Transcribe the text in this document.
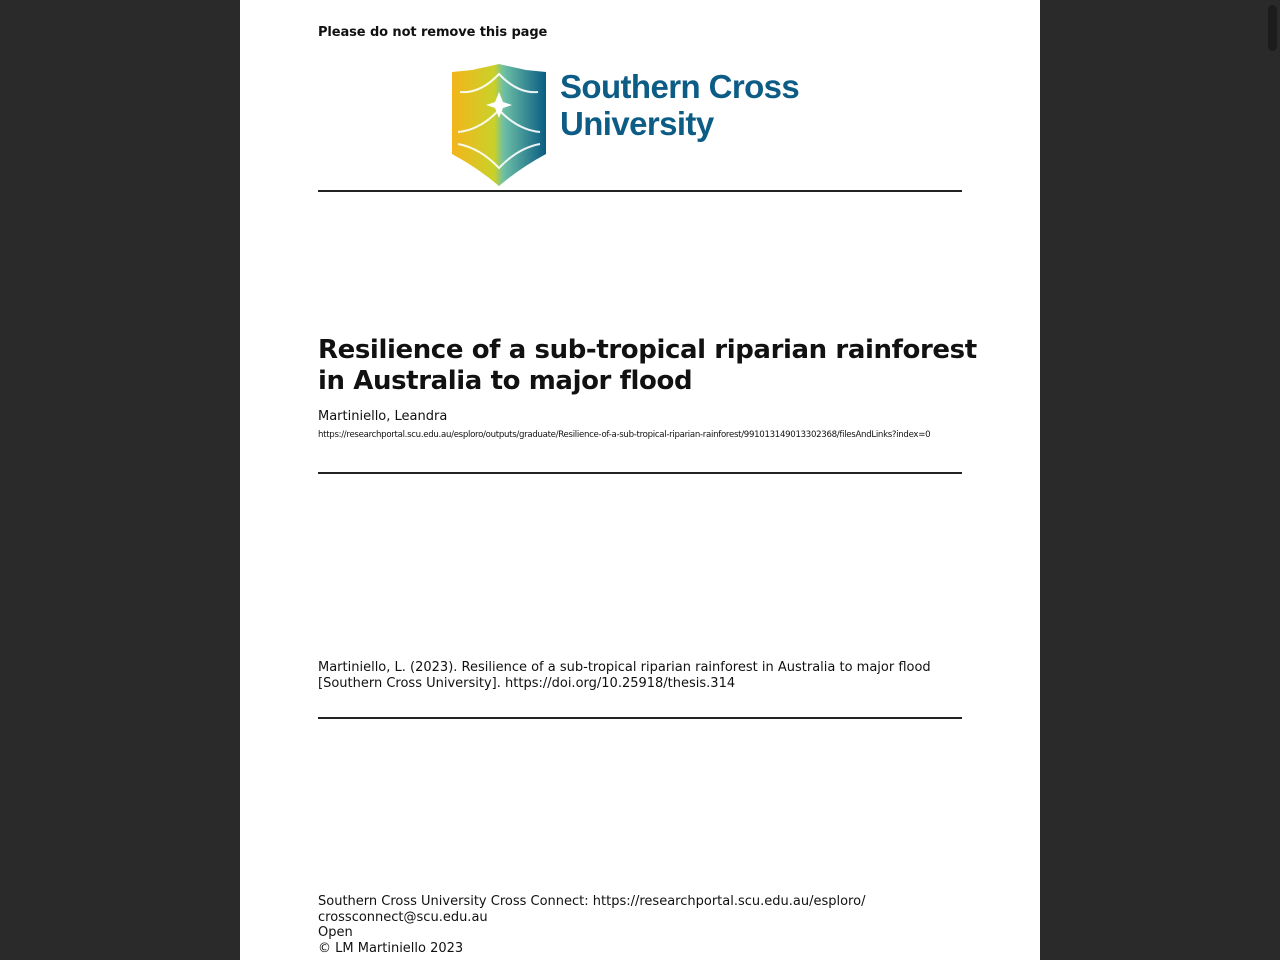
Please do not remove this page
Southern Cross
University
Resilience of a sub-tropical riparian rainforest in Australia to major flood
Martiniello, Leandra
https://researchportal.scu.edu.au/esploro/outputs/graduate/Resilience-of-a-sub-tropical-riparian-rainforest/991013149013302368/filesAndLinks?index=0
Martiniello, L. (2023). Resilience of a sub-tropical riparian rainforest in Australia to major flood [Southern Cross University]. https://doi.org/10.25918/thesis.314
Southern Cross University Cross Connect: https://researchportal.scu.edu.au/esploro/
crossconnect@scu.edu.au
Open
© LM Martiniello 2023
